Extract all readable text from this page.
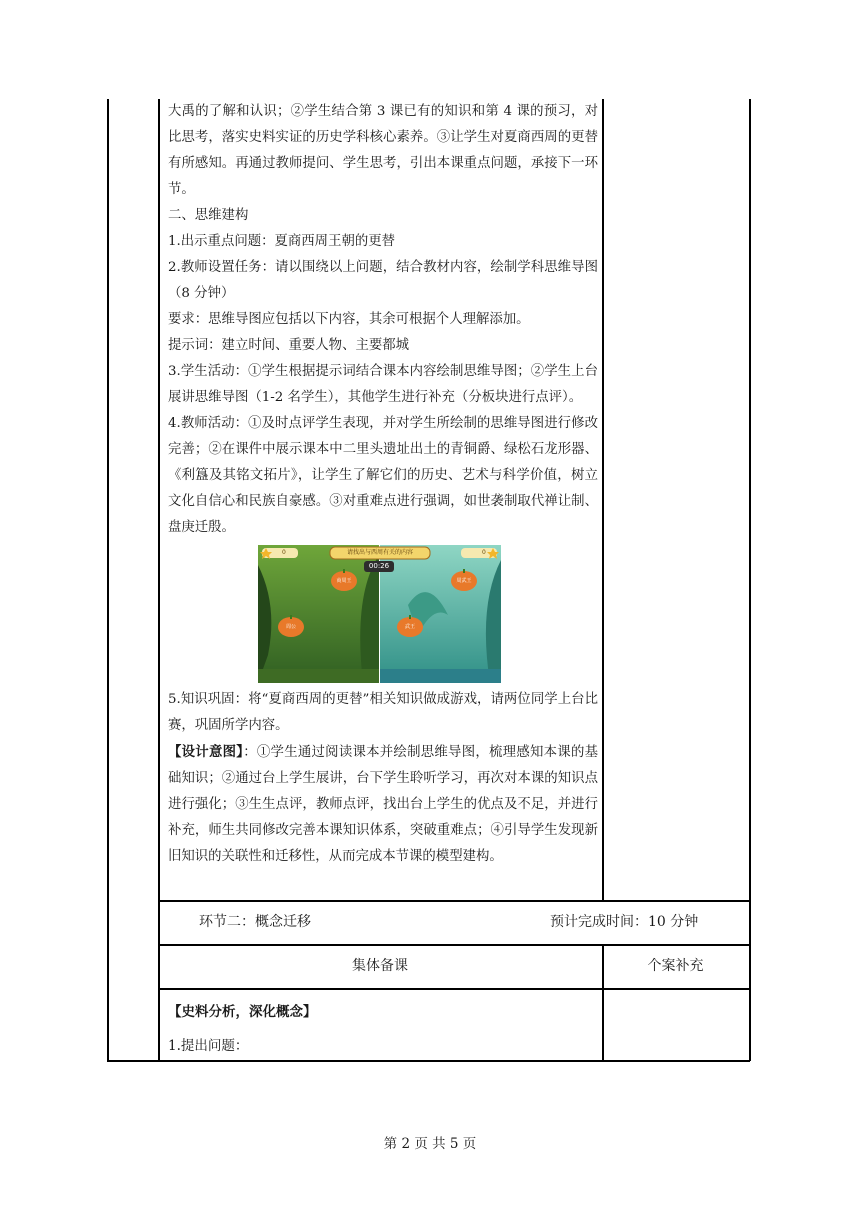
大禹的了解和认识；②学生结合第 3 课已有的知识和第 4 课的预习，对比思考，落实史料实证的历史学科核心素养。③让学生对夏商西周的更替有所感知。再通过教师提问、学生思考，引出本课重点问题，承接下一环节。

二、思维建构

1.出示重点问题：夏商西周王朝的更替

2.教师设置任务：请以围绕以上问题，结合教材内容，绘制学科思维导图（8 分钟）

要求：思维导图应包括以下内容，其余可根据个人理解添加。

提示词：建立时间、重要人物、主要都城

3.学生活动：①学生根据提示词结合课本内容绘制思维导图；②学生上台展讲思维导图（1-2 名学生），其他学生进行补充（分板块进行点评）。

4.教师活动：①及时点评学生表现，并对学生所绘制的思维导图进行修改完善；②在课件中展示课本中二里头遗址出土的青铜爵、绿松石龙形器、《利簋及其铭文拓片》，让学生了解它们的历史、艺术与科学价值，树立文化自信心和民族自豪感。③对重难点进行强调，如世袭制取代禅让制、盘庚迁殷。

请找出与西周有关的内容
00:26
0	0
商周王
周公	武王
周武王

5.知识巩固：将“夏商西周的更替”相关知识做成游戏，请两位同学上台比赛，巩固所学内容。

【设计意图】：①学生通过阅读课本并绘制思维导图，梳理感知本课的基础知识；②通过台上学生展讲，台下学生聆听学习，再次对本课的知识点进行强化；③生生点评，教师点评，找出台上学生的优点及不足，并进行补充，师生共同修改完善本课知识体系，突破重难点；④引导学生发现新旧知识的关联性和迁移性，从而完成本节课的模型建构。

环节二：概念迁移	预计完成时间：10 分钟
集体备课	个案补充
【史料分析，深化概念】
1.提出问题：
第 2 页 共 5 页
